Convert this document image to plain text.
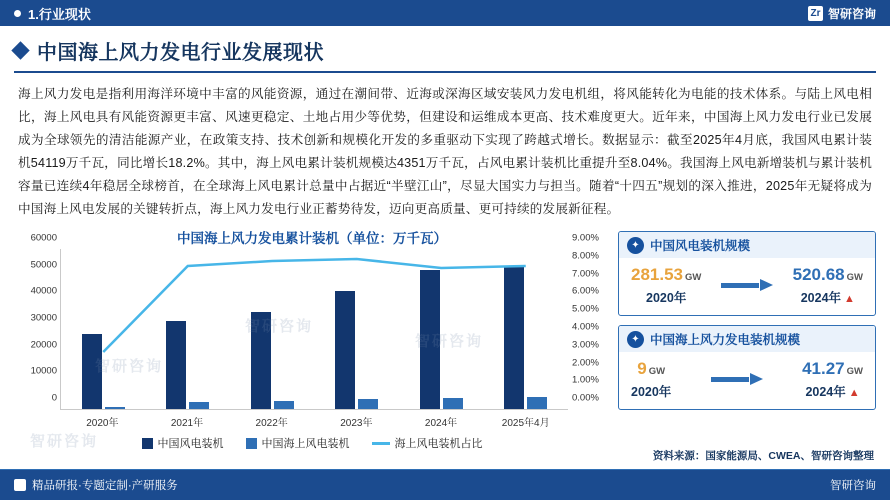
1.行业现状	Zr 智研咨询
中国海上风力发电行业发展现状
海上风力发电是指利用海洋环境中丰富的风能资源，通过在潮间带、近海或深海区域安装风力发电机组，将风能转化为电能的技术体系。与陆上风电相比，海上风电具有风能资源更丰富、风速更稳定、土地占用少等优势，但建设和运维成本更高、技术难度更大。近年来，中国海上风力发电行业已发展成为全球领先的清洁能源产业，在政策支持、技术创新和规模化开发的多重驱动下实现了跨越式增长。数据显示：截至2025年4月底，我国风电累计装机54119万千瓦，同比增长18.2%。其中，海上风电累计装机规模达4351万千瓦，占风电累计装机比重提升至8.04%。我国海上风电新增装机与累计装机容量已连续4年稳居全球榜首，在全球海上风电累计总量中占据近“半壁江山”，尽显大国实力与担当。随着“十四五”规划的深入推进，2025年无疑将成为中国海上风电发展的关键转折点，海上风力发电行业正蓄势待发，迈向更高质量、更可持续的发展新征程。
中国海上风力发电累计装机（单位：万千瓦）
0
10000
20000
30000
40000
50000
60000
0.00%
1.00%
2.00%
3.00%
4.00%
5.00%
6.00%
7.00%
8.00%
9.00%
2020年	2021年	2022年	2023年	2024年	2025年4月
中国风电装机	中国海上风电装机	海上风电装机占比
✦ 中国风电装机规模
281.53 GW
2020年
520.68 GW
2024年 ▲
✦ 中国海上风力发电装机规模
9 GW
2020年
41.27 GW
2024年 ▲
资料来源：国家能源局、CWEA、智研咨询整理
智研咨询
智研咨询
智研咨询
智研咨询
精品研报·专题定制·产研服务	智研咨询
